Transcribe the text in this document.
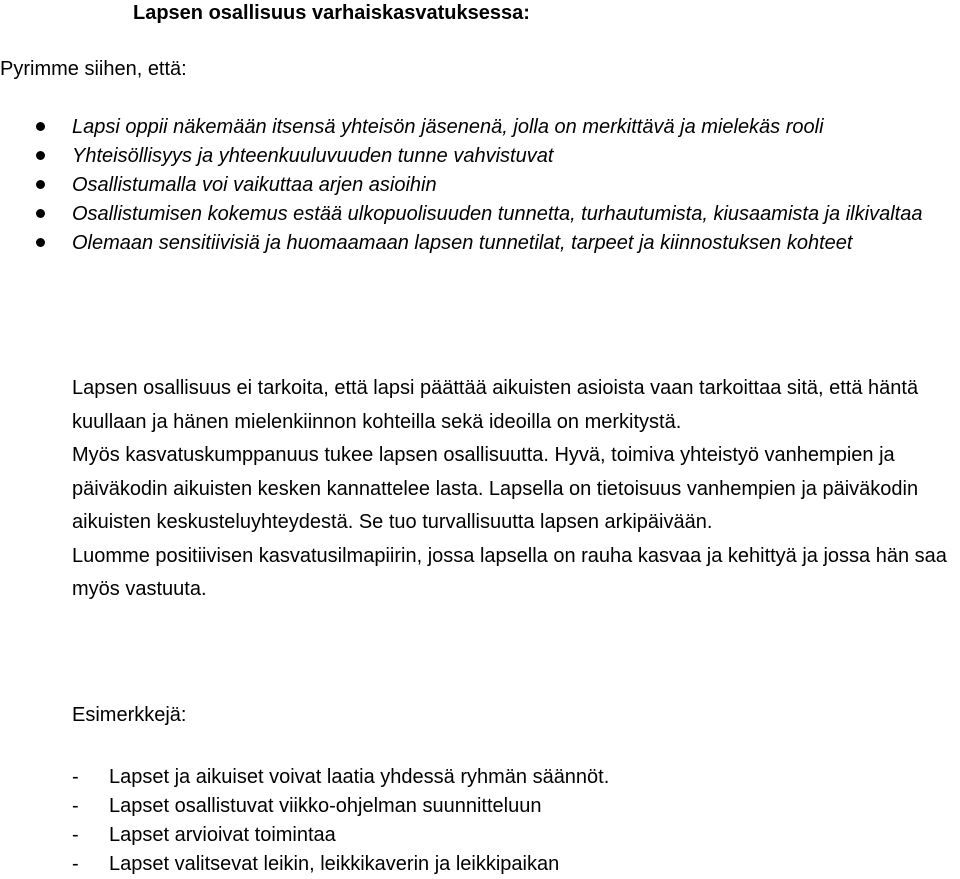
Lapsen osallisuus varhaiskasvatuksessa:

Pyrimme siihen, että:

Lapsi oppii näkemään itsensä yhteisön jäsenenä, jolla on merkittävä ja mielekäs rooli
Yhteisöllisyys ja yhteenkuuluvuuden tunne vahvistuvat
Osallistumalla voi vaikuttaa arjen asioihin
Osallistumisen kokemus estää ulkopuolisuuden tunnetta, turhautumista, kiusaamista ja ilkivaltaa
Olemaan sensitiivisiä ja huomaamaan lapsen tunnetilat, tarpeet ja kiinnostuksen kohteet

Lapsen osallisuus ei tarkoita, että lapsi päättää aikuisten asioista vaan tarkoittaa sitä, että häntä kuullaan ja hänen mielenkiinnon kohteilla sekä ideoilla on merkitystä.

Myös kasvatuskumppanuus tukee lapsen osallisuutta. Hyvä, toimiva yhteistyö vanhempien ja päiväkodin aikuisten kesken kannattelee lasta. Lapsella on tietoisuus vanhempien ja päiväkodin aikuisten keskusteluyhteydestä. Se tuo turvallisuutta lapsen arkipäivään.

Luomme positiivisen kasvatusilmapiirin, jossa lapsella on rauha kasvaa ja kehittyä ja jossa hän saa myös vastuuta.

Esimerkkejä:

- Lapset ja aikuiset voivat laatia yhdessä ryhmän säännöt.
- Lapset osallistuvat viikko-ohjelman suunnitteluun
- Lapset arvioivat toimintaa
- Lapset valitsevat leikin, leikkikaverin ja leikkipaikan
